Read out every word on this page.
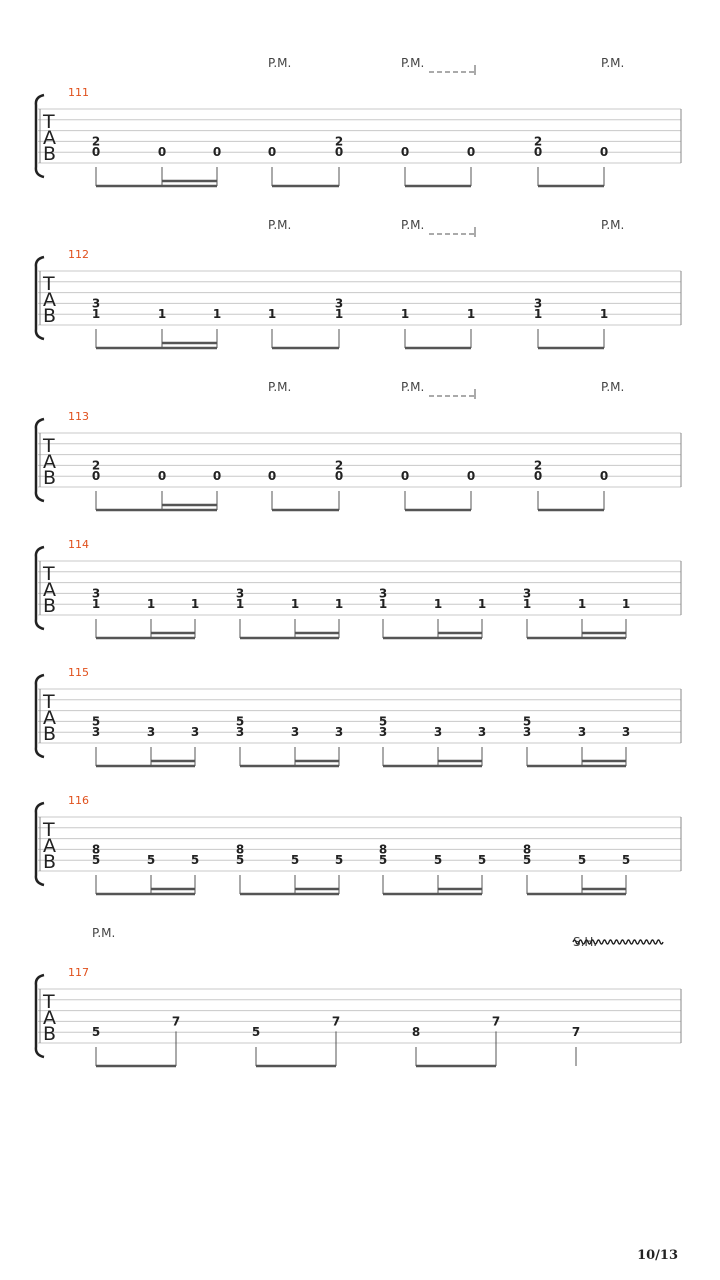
T
A
B
111
P.M.	P.M.	P.M.
2
0	0	0	0
2
0	0	0
2
0	0
T
A
B
112
P.M.	P.M.	P.M.
3
1	1	1	1
3
1	1	1
3
1	1
T
A
B
113
P.M.	P.M.	P.M.
2
0	0	0	0
2
0	0	0
2
0	0
T
A
B
114
3
1	1	1
3
1	1	1
3
1	1	1
3
1	1	1
T
A
B
115
5
3	3	3
5
3	3	3
5
3	3	3
5
3	3	3
T
A
B
116
8
5	5	5
8
5	5	5
8
5	5	5
8
5	5	5
T
A
B
117
P.M.
S.H.
5
7
5
7
8
7
7
10/13
